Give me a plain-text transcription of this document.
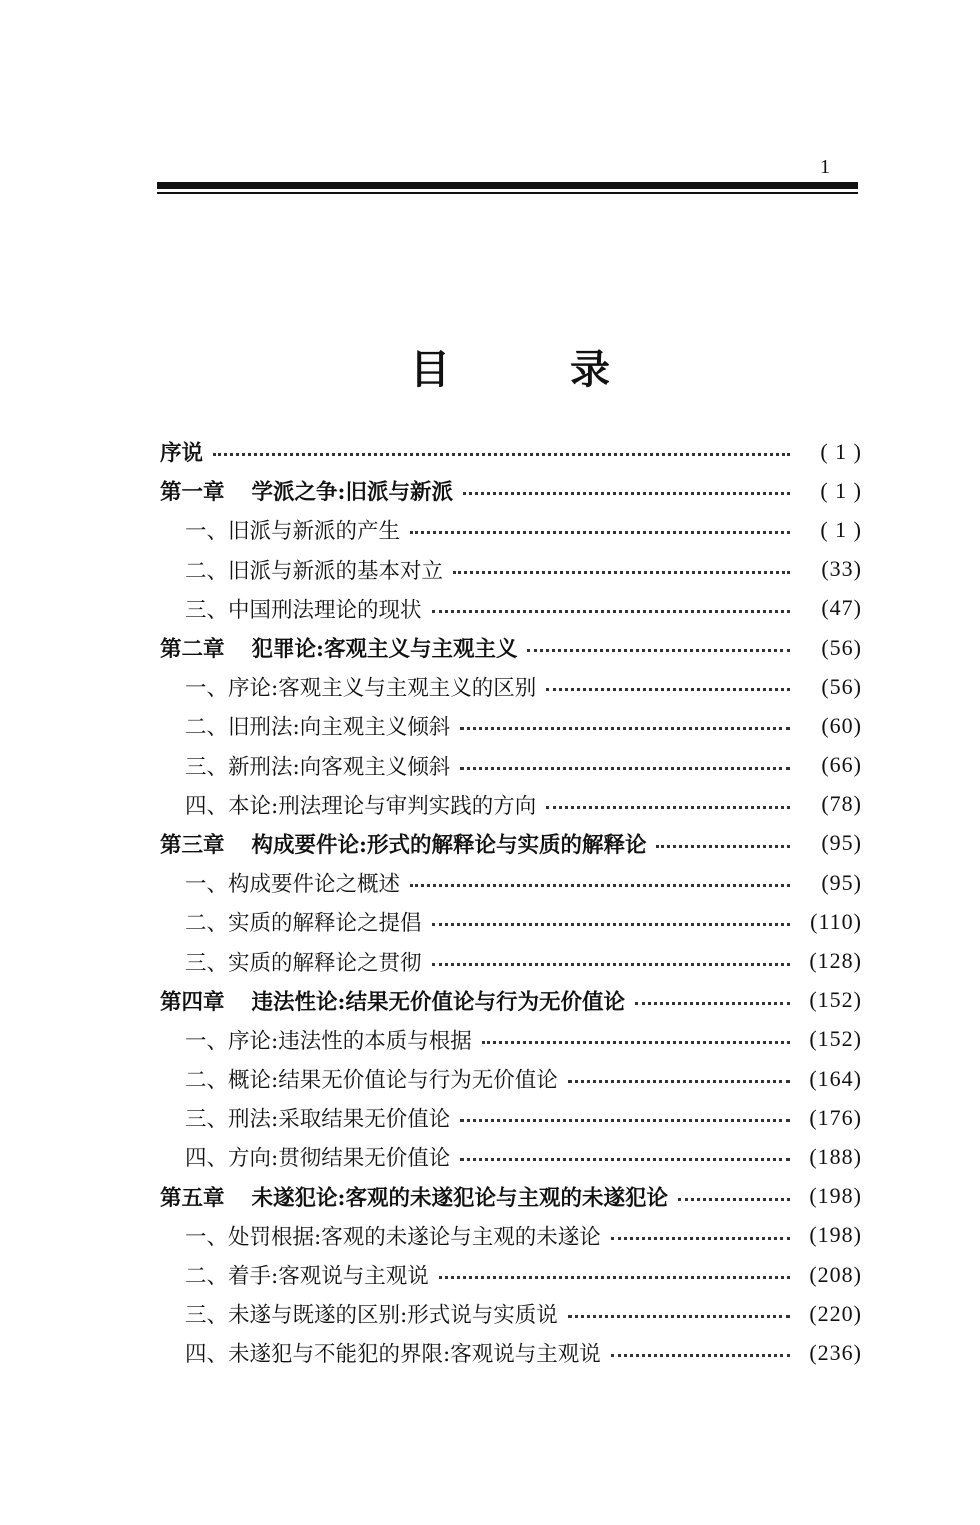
1
目	录
序说	( 1 )
第一章 学派之争:旧派与新派	( 1 )
一、旧派与新派的产生	( 1 )
二、旧派与新派的基本对立	(33)
三、中国刑法理论的现状	(47)
第二章 犯罪论:客观主义与主观主义	(56)
一、序论:客观主义与主观主义的区别	(56)
二、旧刑法:向主观主义倾斜	(60)
三、新刑法:向客观主义倾斜	(66)
四、本论:刑法理论与审判实践的方向	(78)
第三章 构成要件论:形式的解释论与实质的解释论	(95)
一、构成要件论之概述	(95)
二、实质的解释论之提倡	(110)
三、实质的解释论之贯彻	(128)
第四章 违法性论:结果无价值论与行为无价值论	(152)
一、序论:违法性的本质与根据	(152)
二、概论:结果无价值论与行为无价值论	(164)
三、刑法:采取结果无价值论	(176)
四、方向:贯彻结果无价值论	(188)
第五章 未遂犯论:客观的未遂犯论与主观的未遂犯论	(198)
一、处罚根据:客观的未遂论与主观的未遂论	(198)
二、着手:客观说与主观说	(208)
三、未遂与既遂的区别:形式说与实质说	(220)
四、未遂犯与不能犯的界限:客观说与主观说	(236)
